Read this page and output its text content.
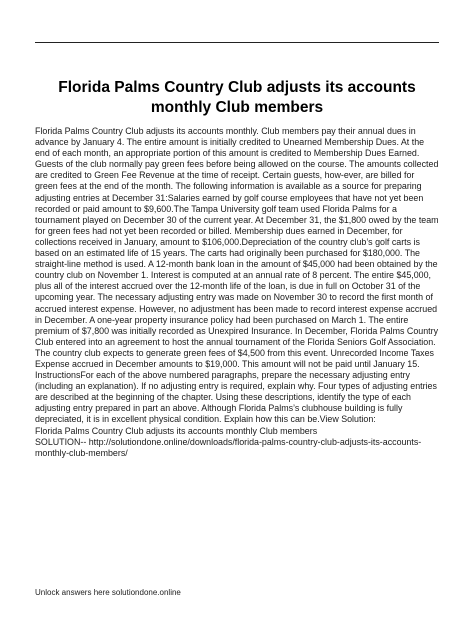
Florida Palms Country Club adjusts its accounts monthly Club members
Florida Palms Country Club adjusts its accounts monthly. Club members pay their annual dues in advance by January 4. The entire amount is initially credited to Unearned Membership Dues. At the end of each month, an appropriate portion of this amount is credited to Membership Dues Earned. Guests of the club normally pay green fees before being allowed on the course. The amounts collected are credited to Green Fee Revenue at the time of receipt. Certain guests, how-ever, are billed for green fees at the end of the month. The following information is available as a source for preparing adjusting entries at December 31:Salaries earned by golf course employees that have not yet been recorded or paid amount to $9,600.The Tampa University golf team used Florida Palms for a tournament played on December 30 of the current year. At December 31, the $1,800 owed by the team for green fees had not yet been recorded or billed. Membership dues earned in December, for collections received in January, amount to $106,000.Depreciation of the country club’s golf carts is based on an estimated life of 15 years. The carts had originally been purchased for $180,000. The straight-line method is used. A 12-month bank loan in the amount of $45,000 had been obtained by the country club on November 1. Interest is computed at an annual rate of 8 percent. The entire $45,000, plus all of the interest accrued over the 12-month life of the loan, is due in full on October 31 of the upcoming year. The necessary adjusting entry was made on November 30 to record the first month of accrued interest expense. However, no adjustment has been made to record interest expense accrued in December. A one-year property insurance policy had been purchased on March 1. The entire premium of $7,800 was initially recorded as Unexpired Insurance. In December, Florida Palms Country Club entered into an agreement to host the annual tournament of the Florida Seniors Golf Association. The country club expects to generate green fees of $4,500 from this event. Unrecorded Income Taxes Expense accrued in December amounts to $19,000. This amount will not be paid until January 15. InstructionsFor each of the above numbered paragraphs, prepare the necessary adjusting entry (including an explanation). If no adjusting entry is required, explain why. Four types of adjusting entries are described at the beginning of the chapter. Using these descriptions, identify the type of each adjusting entry prepared in part an above. Although Florida Palms’s clubhouse building is fully depreciated, it is in excellent physical condition. Explain how this can be.View Solution:
Florida Palms Country Club adjusts its accounts monthly Club members
SOLUTION-- http://solutiondone.online/downloads/florida-palms-country-club-adjusts-its-accounts-monthly-club-members/
Unlock answers here solutiondone.online
